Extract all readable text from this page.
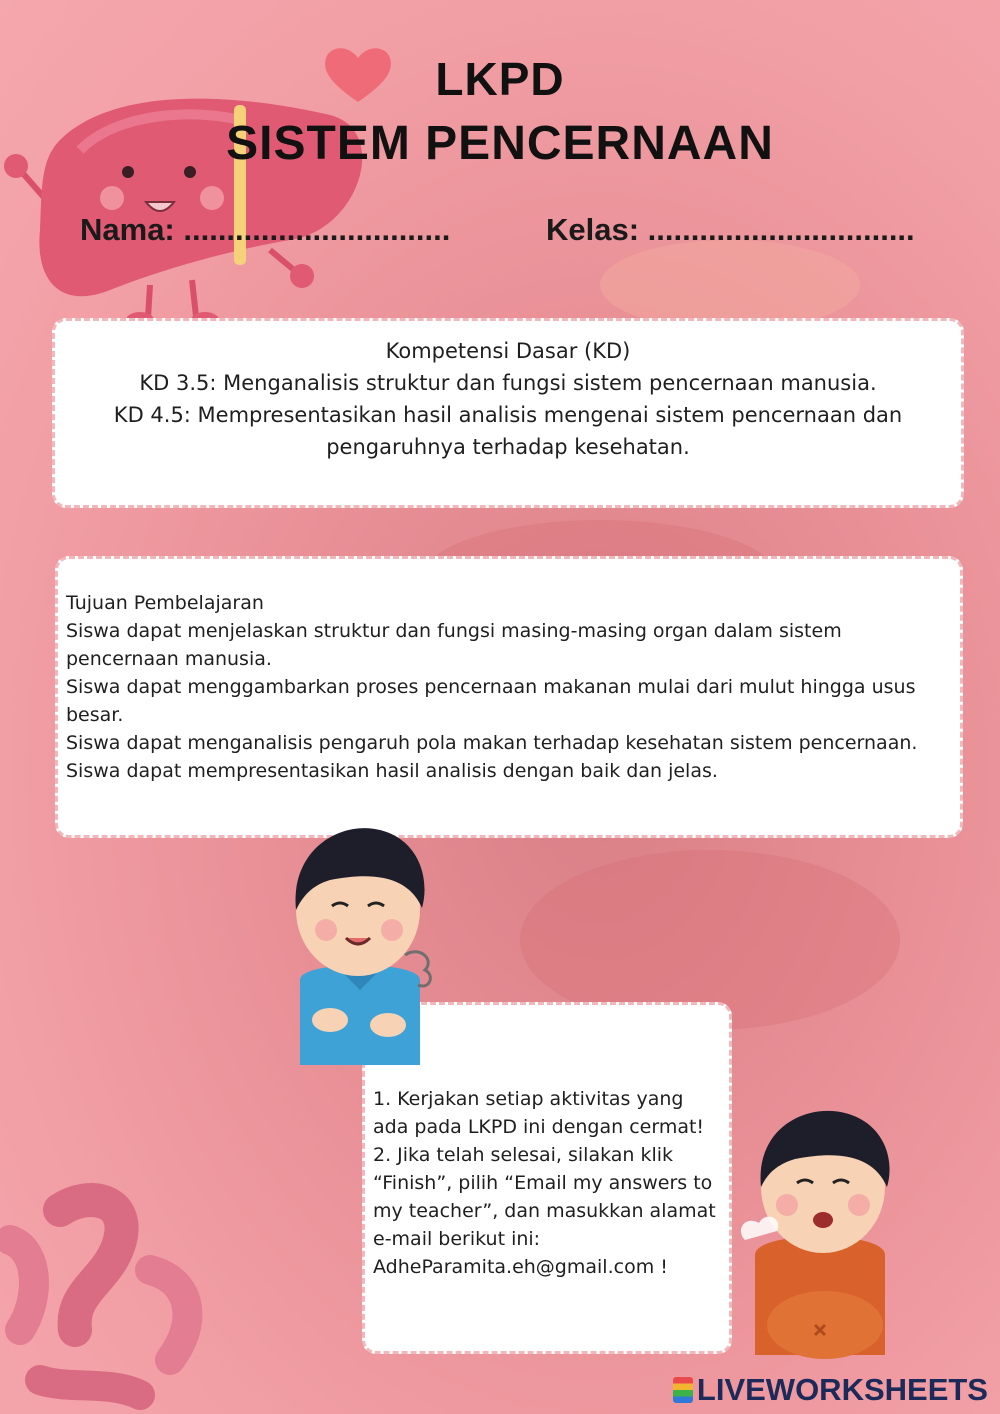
LKPD
SISTEM PENCERNAAN
Nama: ...............................	Kelas: ...............................
Kompetensi Dasar (KD)
KD 3.5: Menganalisis struktur dan fungsi sistem pencernaan manusia.
KD 4.5: Mempresentasikan hasil analisis mengenai sistem pencernaan dan pengaruhnya terhadap kesehatan.
Tujuan Pembelajaran
Siswa dapat menjelaskan struktur dan fungsi masing-masing organ dalam sistem pencernaan manusia.
Siswa dapat menggambarkan proses pencernaan makanan mulai dari mulut hingga usus besar.
Siswa dapat menganalisis pengaruh pola makan terhadap kesehatan sistem pencernaan.
Siswa dapat mempresentasikan hasil analisis dengan baik dan jelas.
1. Kerjakan setiap aktivitas yang ada pada LKPD ini dengan cermat!
2. Jika telah selesai, silakan klik “Finish”, pilih “Email my answers to my teacher”, dan masukkan alamat e-mail berikut ini: AdheParamita.eh@gmail.com !
LIVEWORKSHEETS
